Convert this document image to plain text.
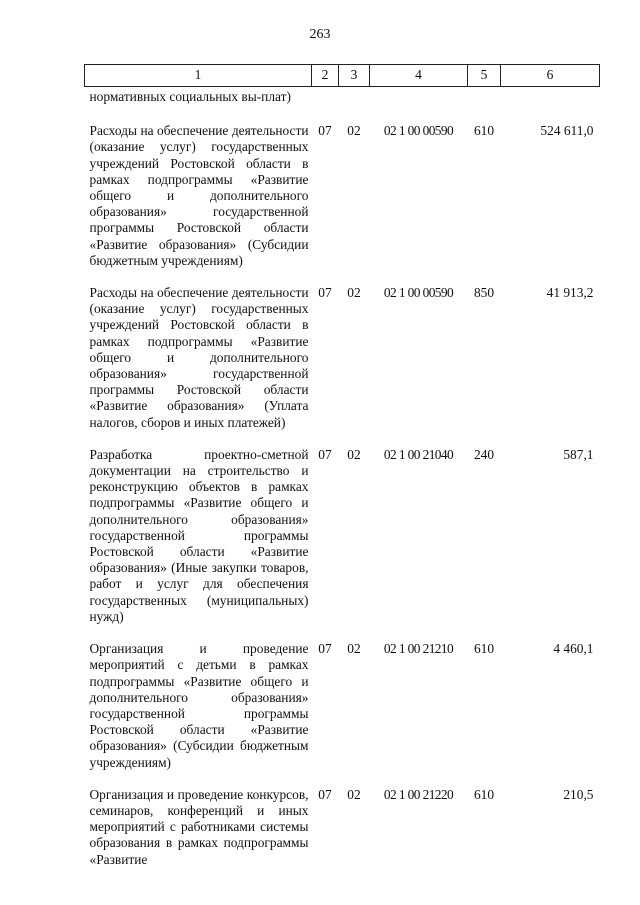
263
1	2	3	4	5	6
нормативных социальных вы-плат)					
Расходы на обеспечение деятельности (оказание услуг) государственных учреждений Ростовской области в рамках подпрограммы «Развитие общего и дополнительного образования» государственной программы Ростовской области «Развитие образования» (Субсидии бюджетным учреждениям)	07	02	02 1 00 00590	610	524 611,0
Расходы на обеспечение деятельности (оказание услуг) государственных учреждений Ростовской области в рамках подпрограммы «Развитие общего и дополнительного образования» государственной программы Ростовской области «Развитие образования» (Уплата налогов, сборов и иных платежей)	07	02	02 1 00 00590	850	41 913,2
Разработка проектно-сметной документации на строительство и реконструкцию объектов в рамках подпрограммы «Развитие общего и дополнительного образования» государственной программы Ростовской области «Развитие образования» (Иные закупки товаров, работ и услуг для обеспечения государственных (муниципальных) нужд)	07	02	02 1 00 21040	240	587,1
Организация и проведение мероприятий с детьми в рамках подпрограммы «Развитие общего и дополнительного образования» государственной программы Ростовской области «Развитие образования» (Субсидии бюджетным учреждениям)	07	02	02 1 00 21210	610	4 460,1
Организация и проведение конкурсов, семинаров, конференций и иных мероприятий с работниками системы образования в рамках подпрограммы «Развитие	07	02	02 1 00 21220	610	210,5
